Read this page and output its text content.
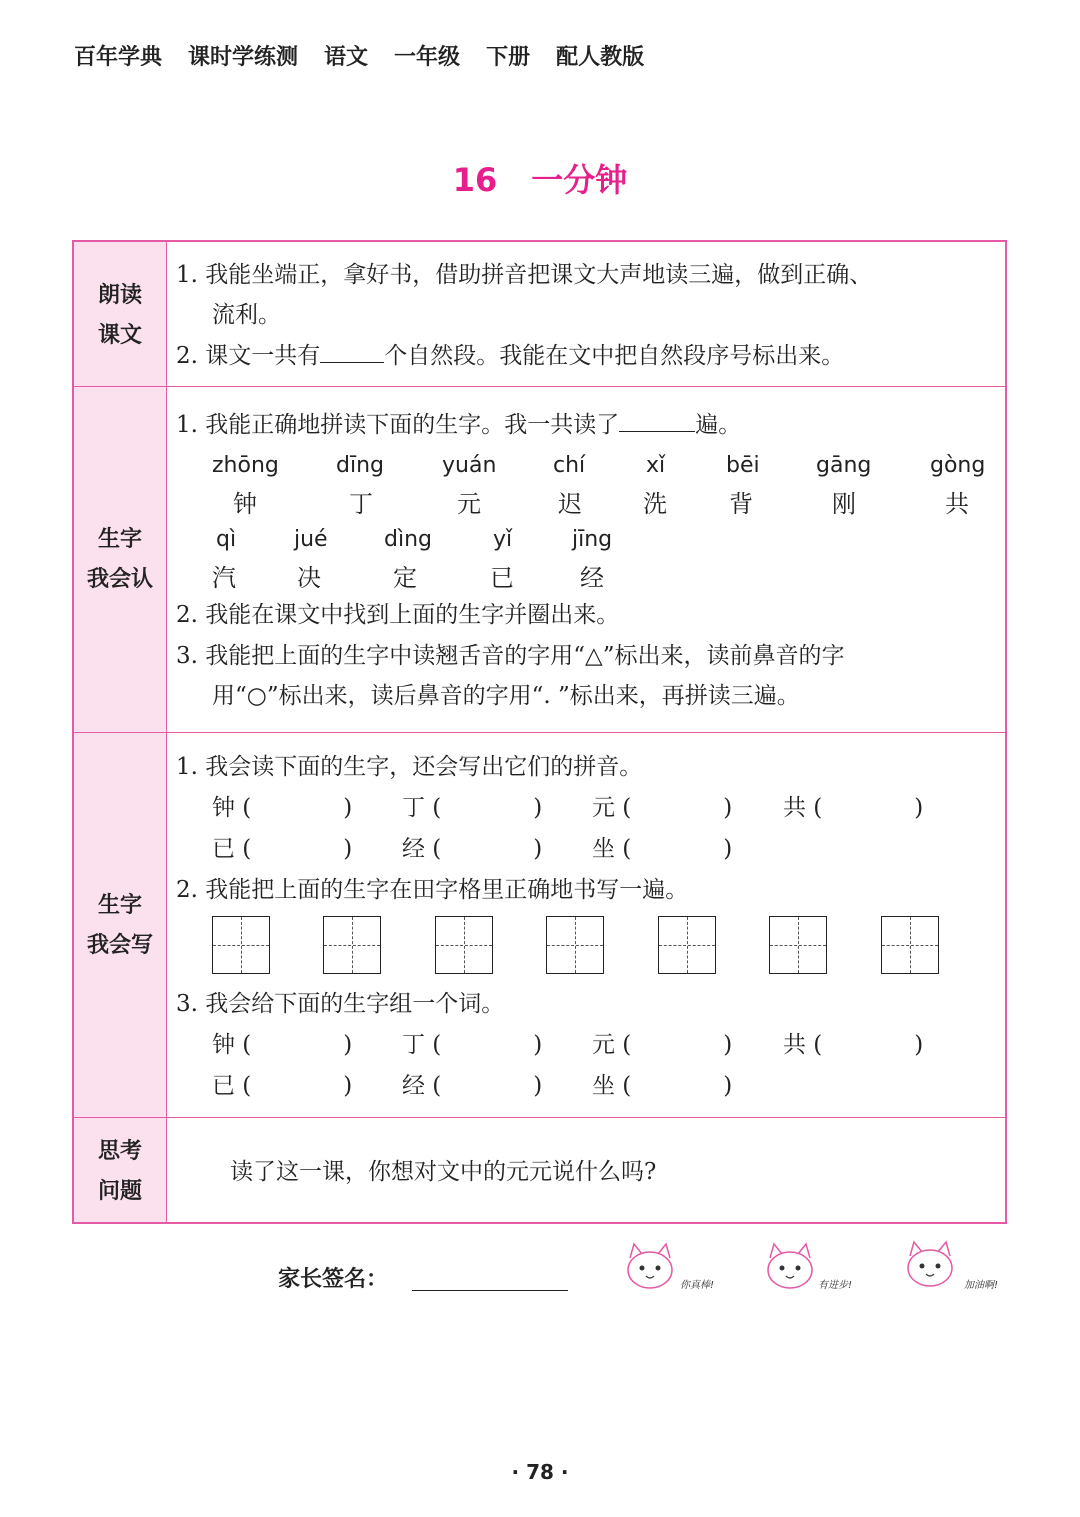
百年学典 课时学练测 语文 一年级 下册 配人教版
16 一分钟
朗读
课文
1. 我能坐端正，拿好书，借助拼音把课文大声地读三遍，做到正确、
流利。
2. 课文一共有	个自然段。我能在文中把自然段序号标出来。
生字
我会认
1. 我能正确地拼读下面的生字。我一共读了	遍。
zhōng	dīng	yuán	chí	xǐ	bēi	gāng	gòng
钟	丁	元	迟	洗	背	刚	共
qì	jué	dìng	yǐ	jīng
汽	决	定	已	经
2. 我能在课文中找到上面的生字并圈出来。
3. 我能把上面的生字中读翘舌音的字用“△”标出来，读前鼻音的字
用“○”标出来，读后鼻音的字用“. ”标出来，再拼读三遍。
生字
我会写
1. 我会读下面的生字，还会写出它们的拼音。
钟 (	) 丁 (	) 元 (	) 共 (	)
已 (	) 经 (	) 坐 (	)
2. 我能把上面的生字在田字格里正确地书写一遍。
3. 我会给下面的生字组一个词。
钟 (	) 丁 (	) 元 (	) 共 (	)
已 (	) 经 (	) 坐 (	)
思考
问题
读了这一课，你想对文中的元元说什么吗?
家长签名：	你真棒!	有进步!	加油啊!
· 78 ·
